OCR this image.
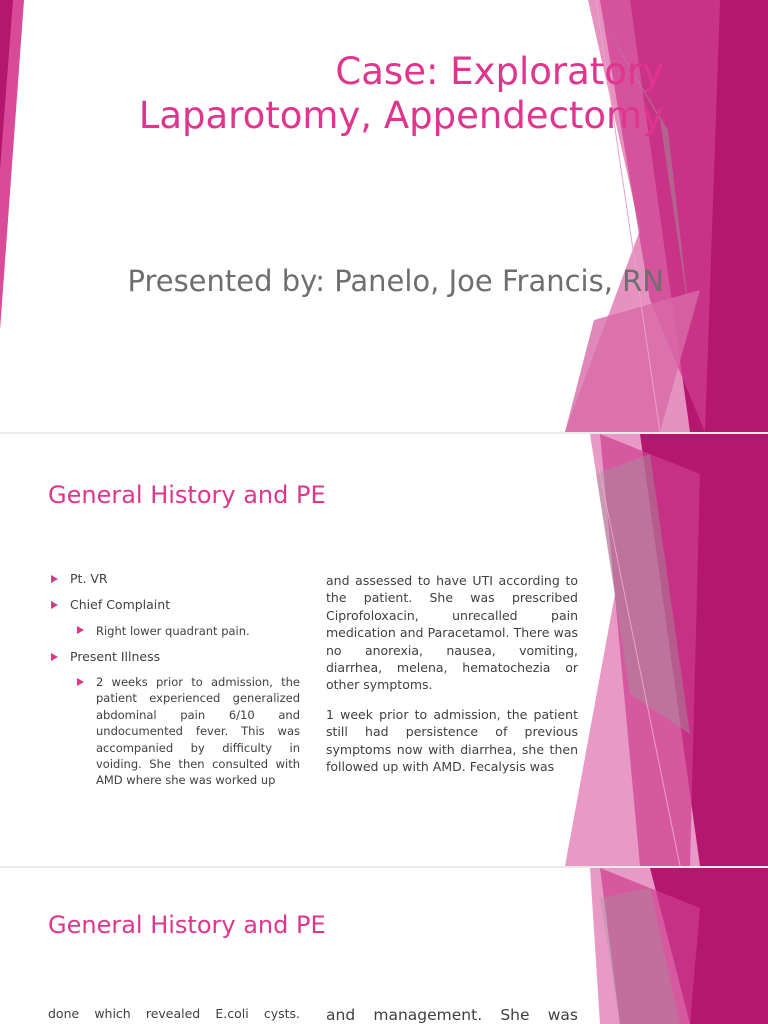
Case: Exploratory
Laparotomy, Appendectomy

Presented by: Panelo, Joe Francis, RN

General History and PE
Pt. VR
Chief Complaint
Right lower quadrant pain.
Present Illness

2 weeks prior to admission, the patient experienced generalized abdominal pain 6/10 and undocumented fever. This was accompanied by difficulty in voiding. She then consulted with AMD where she was worked up

and assessed to have UTI according to the patient. She was prescribed Ciprofoloxacin, unrecalled pain medication and Paracetamol. There was no anorexia, nausea, vomiting, diarrhea, melena, hematochezia or other symptoms.

1 week prior to admission, the patient still had persistence of previous symptoms now with diarrhea, she then followed up with AMD. Fecalysis was

General History and PE

done which revealed E.coli cysts. and management. She was
